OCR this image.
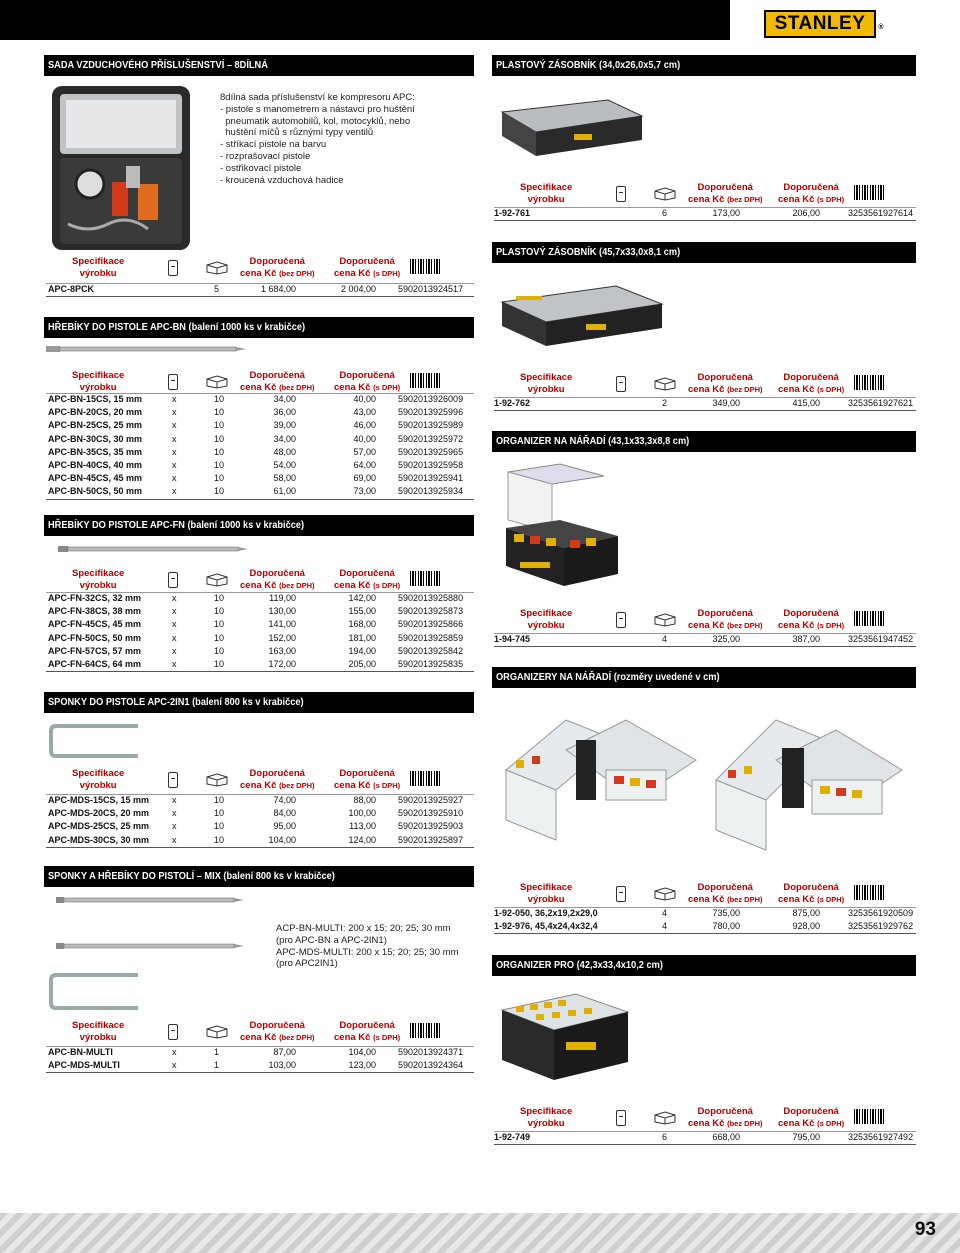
STANLEY	®
SADA VZDUCHOVÉHO PŘÍSLUŠENSTVÍ – 8DÍLNÁ
8dílná sada příslušenství ke kompresoru APC:
- pistole s manometrem a nástavci pro huštění
pneumatik automobilů, kol, motocyklů, nebo
huštění míčů s různými typy ventilů
- stříkací pistole na barvu
- rozprašovací pistole
- ostřikovací pistole
- kroucená vzduchová hadice
Specifikace
výrobku
Doporučená
cena Kč (bez DPH)
Doporučená
cena Kč (s DPH)
APC-8PCK	5	1 684,00	2 004,00 5902013924517
HŘEBÍKY DO PISTOLE APC-BN (balení 1000 ks v krabičce)
Specifikace
výrobku
Doporučená
cena Kč (bez DPH)
Doporučená
cena Kč (s DPH)
APC-BN-15CS, 15 mm	x	10	34,00	40,00 5902013926009
APC-BN-20CS, 20 mm	x	10	36,00	43,00 5902013925996
APC-BN-25CS, 25 mm	x	10	39,00	46,00 5902013925989
APC-BN-30CS, 30 mm	x	10	34,00	40,00 5902013925972
APC-BN-35CS, 35 mm	x	10	48,00	57,00 5902013925965
APC-BN-40CS, 40 mm	x	10	54,00	64,00 5902013925958
APC-BN-45CS, 45 mm	x	10	58,00	69,00 5902013925941
APC-BN-50CS, 50 mm	x	10	61,00	73,00 5902013925934
HŘEBÍKY DO PISTOLE APC-FN (balení 1000 ks v krabičce)
Specifikace
výrobku
Doporučená
cena Kč (bez DPH)
Doporučená
cena Kč (s DPH)
APC-FN-32CS, 32 mm	x	10	119,00	142,00 5902013925880
APC-FN-38CS, 38 mm	x	10	130,00	155,00 5902013925873
APC-FN-45CS, 45 mm	x	10	141,00	168,00 5902013925866
APC-FN-50CS, 50 mm	x	10	152,00	181,00 5902013925859
APC-FN-57CS, 57 mm	x	10	163,00	194,00 5902013925842
APC-FN-64CS, 64 mm	x	10	172,00	205,00 5902013925835
SPONKY DO PISTOLE APC-2IN1 (balení 800 ks v krabičce)
Specifikace
výrobku
Doporučená
cena Kč (bez DPH)
Doporučená
cena Kč (s DPH)
APC-MDS-15CS, 15 mm	x	10	74,00	88,00 5902013925927
APC-MDS-20CS, 20 mm	x	10	84,00	100,00 5902013925910
APC-MDS-25CS, 25 mm	x	10	95,00	113,00 5902013925903
APC-MDS-30CS, 30 mm	x	10	104,00	124,00 5902013925897
SPONKY A HŘEBÍKY DO PISTOLÍ – MIX (balení 800 ks v krabičce)
ACP-BN-MULTI: 200 x 15; 20; 25; 30 mm
(pro APC-BN a APC-2IN1)
APC-MDS-MULTI: 200 x 15; 20; 25; 30 mm
(pro APC2IN1)
Specifikace
výrobku
Doporučená
cena Kč (bez DPH)
Doporučená
cena Kč (s DPH)
APC-BN-MULTI	x	1	87,00	104,00 5902013924371
APC-MDS-MULTI	x	1	103,00	123,00 5902013924364
PLASTOVÝ ZÁSOBNÍK (34,0x26,0x5,7 cm)
Specifikace
výrobku
Doporučená
cena Kč (bez DPH)
Doporučená
cena Kč (s DPH)
1-92-761	6	173,00	206,00	3253561927614
PLASTOVÝ ZÁSOBNÍK (45,7x33,0x8,1 cm)
Specifikace
výrobku
Doporučená
cena Kč (bez DPH)
Doporučená
cena Kč (s DPH)
1-92-762	2	349,00	415,00	3253561927621
ORGANIZER NA NÁŘADÍ (43,1x33,3x8,8 cm)
Specifikace
výrobku
Doporučená
cena Kč (bez DPH)
Doporučená
cena Kč (s DPH)
1-94-745	4	325,00	387,00	3253561947452
ORGANIZERY NA NÁŘADÍ (rozměry uvedené v cm)
Specifikace
výrobku
Doporučená
cena Kč (bez DPH)
Doporučená
cena Kč (s DPH)
1-92-050, 36,2x19,2x29,0	4	735,00	875,00	3253561920509
1-92-976, 45,4x24,4x32,4	4	780,00	928,00	3253561929762
ORGANIZER PRO (42,3x33,4x10,2 cm)
Specifikace
výrobku
Doporučená
cena Kč (bez DPH)
Doporučená
cena Kč (s DPH)
1-92-749	6	668,00	795,00	3253561927492
93
